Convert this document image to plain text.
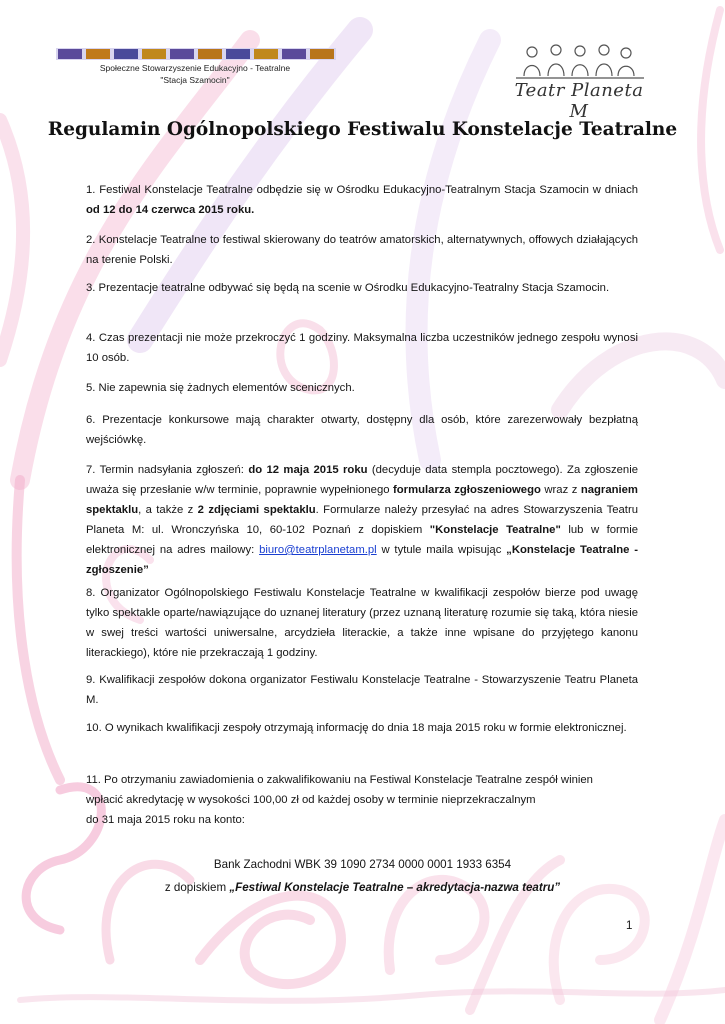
Społeczne Stowarzyszenie Edukacyjno - Teatralne
"Stacja Szamocin"	Teatr Planeta M
Regulamin Ogólnopolskiego Festiwalu Konstelacje Teatralne
1. Festiwal Konstelacje Teatralne odbędzie się w Ośrodku Edukacyjno-Teatralnym Stacja Szamocin w dniach od 12 do 14 czerwca 2015 roku.
2. Konstelacje Teatralne to festiwal skierowany do teatrów amatorskich, alternatywnych, offowych działających na terenie Polski.
3. Prezentacje teatralne odbywać się będą na scenie w Ośrodku Edukacyjno-Teatralny Stacja Szamocin.
4. Czas prezentacji nie może przekroczyć 1 godziny. Maksymalna liczba uczestników jednego zespołu wynosi 10 osób.
5. Nie zapewnia się żadnych elementów scenicznych.
6. Prezentacje konkursowe mają charakter otwarty, dostępny dla osób, które zarezerwowały bezpłatną wejściówkę.
7. Termin nadsyłania zgłoszeń: do 12 maja 2015 roku (decyduje data stempla pocztowego). Za zgłoszenie uważa się przesłanie w/w terminie, poprawnie wypełnionego formularza zgłoszeniowego wraz z nagraniem spektaklu, a także z 2 zdjęciami spektaklu. Formularze należy przesyłać na adres Stowarzyszenia Teatru Planeta M: ul. Wronczyńska 10, 60-102 Poznań z dopiskiem "Konstelacje Teatralne" lub w formie elektronicznej na adres mailowy: biuro@teatrplanetam.pl w tytule maila wpisując „Konstelacje Teatralne - zgłoszenie”
8. Organizator Ogólnopolskiego Festiwalu Konstelacje Teatralne w kwalifikacji zespołów bierze pod uwagę tylko spektakle oparte/nawiązujące do uznanej literatury (przez uznaną literaturę rozumie się taką, która niesie w swej treści wartości uniwersalne, arcydzieła literackie, a także inne wpisane do przyjętego kanonu literackiego), które nie przekraczają 1 godziny.
9. Kwalifikacji zespołów dokona organizator Festiwalu Konstelacje Teatralne - Stowarzyszenie Teatru Planeta M.
10. O wynikach kwalifikacji zespoły otrzymają informację do dnia 18 maja 2015 roku w formie elektronicznej.
11. Po otrzymaniu zawiadomienia o zakwalifikowaniu na Festiwal Konstelacje Teatralne zespół winien
wpłacić akredytację w wysokości 100,00 zł od każdej osoby w terminie nieprzekraczalnym
do 31 maja 2015 roku na konto:
Bank Zachodni WBK 39 1090 2734 0000 0001 1933 6354
z dopiskiem „Festiwal Konstelacje Teatralne – akredytacja-nazwa teatru”
1
